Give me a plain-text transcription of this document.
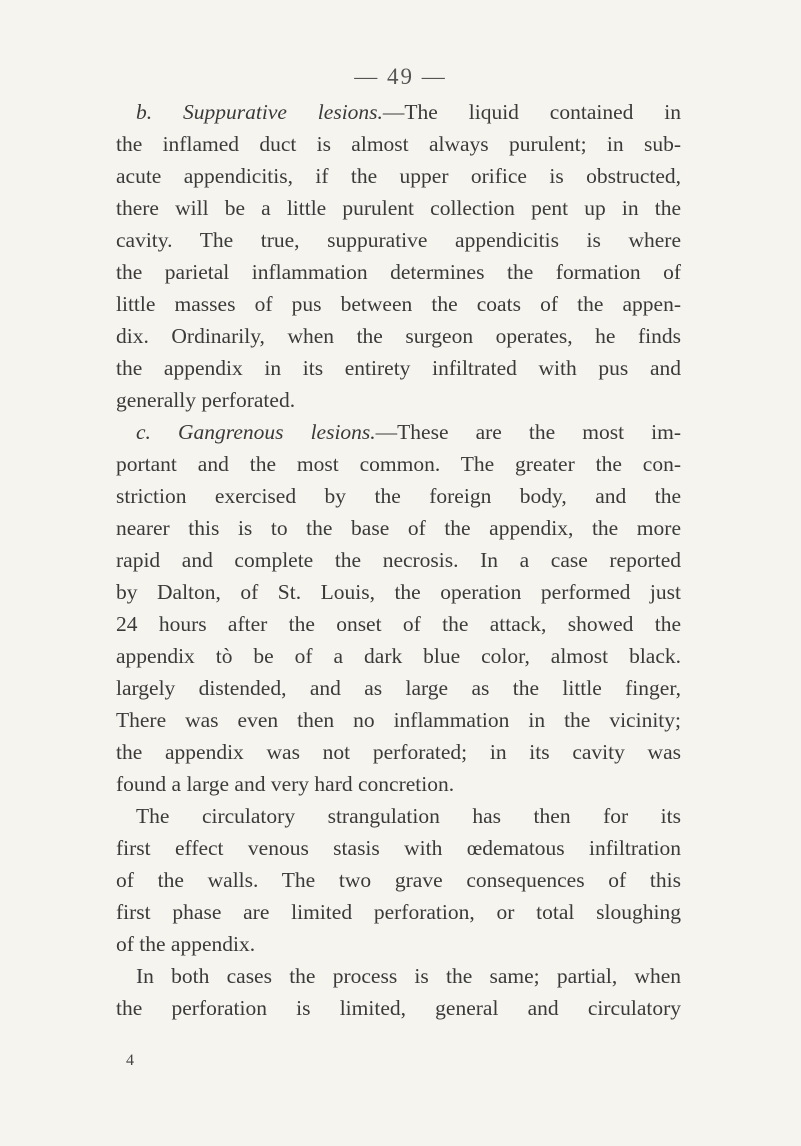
— 49 —
b. Suppurative lesions.—The liquid contained in
the inflamed duct is almost always purulent; in sub-
acute appendicitis, if the upper orifice is obstructed,
there will be a little purulent collection pent up in the
cavity. The true, suppurative appendicitis is where
the parietal inflammation determines the formation of
little masses of pus between the coats of the appen-
dix. Ordinarily, when the surgeon operates, he finds
the appendix in its entirety infiltrated with pus and
generally perforated.
c. Gangrenous lesions.—These are the most im-
portant and the most common. The greater the con-
striction exercised by the foreign body, and the
nearer this is to the base of the appendix, the more
rapid and complete the necrosis. In a case reported
by Dalton, of St. Louis, the operation performed just
24 hours after the onset of the attack, showed the
appendix tò be of a dark blue color, almost black.
largely distended, and as large as the little finger,
There was even then no inflammation in the vicinity;
the appendix was not perforated; in its cavity was
found a large and very hard concretion.
The circulatory strangulation has then for its
first effect venous stasis with œdematous infiltration
of the walls. The two grave consequences of this
first phase are limited perforation, or total sloughing
of the appendix.
In both cases the process is the same; partial, when
the perforation is limited, general and circulatory
4
